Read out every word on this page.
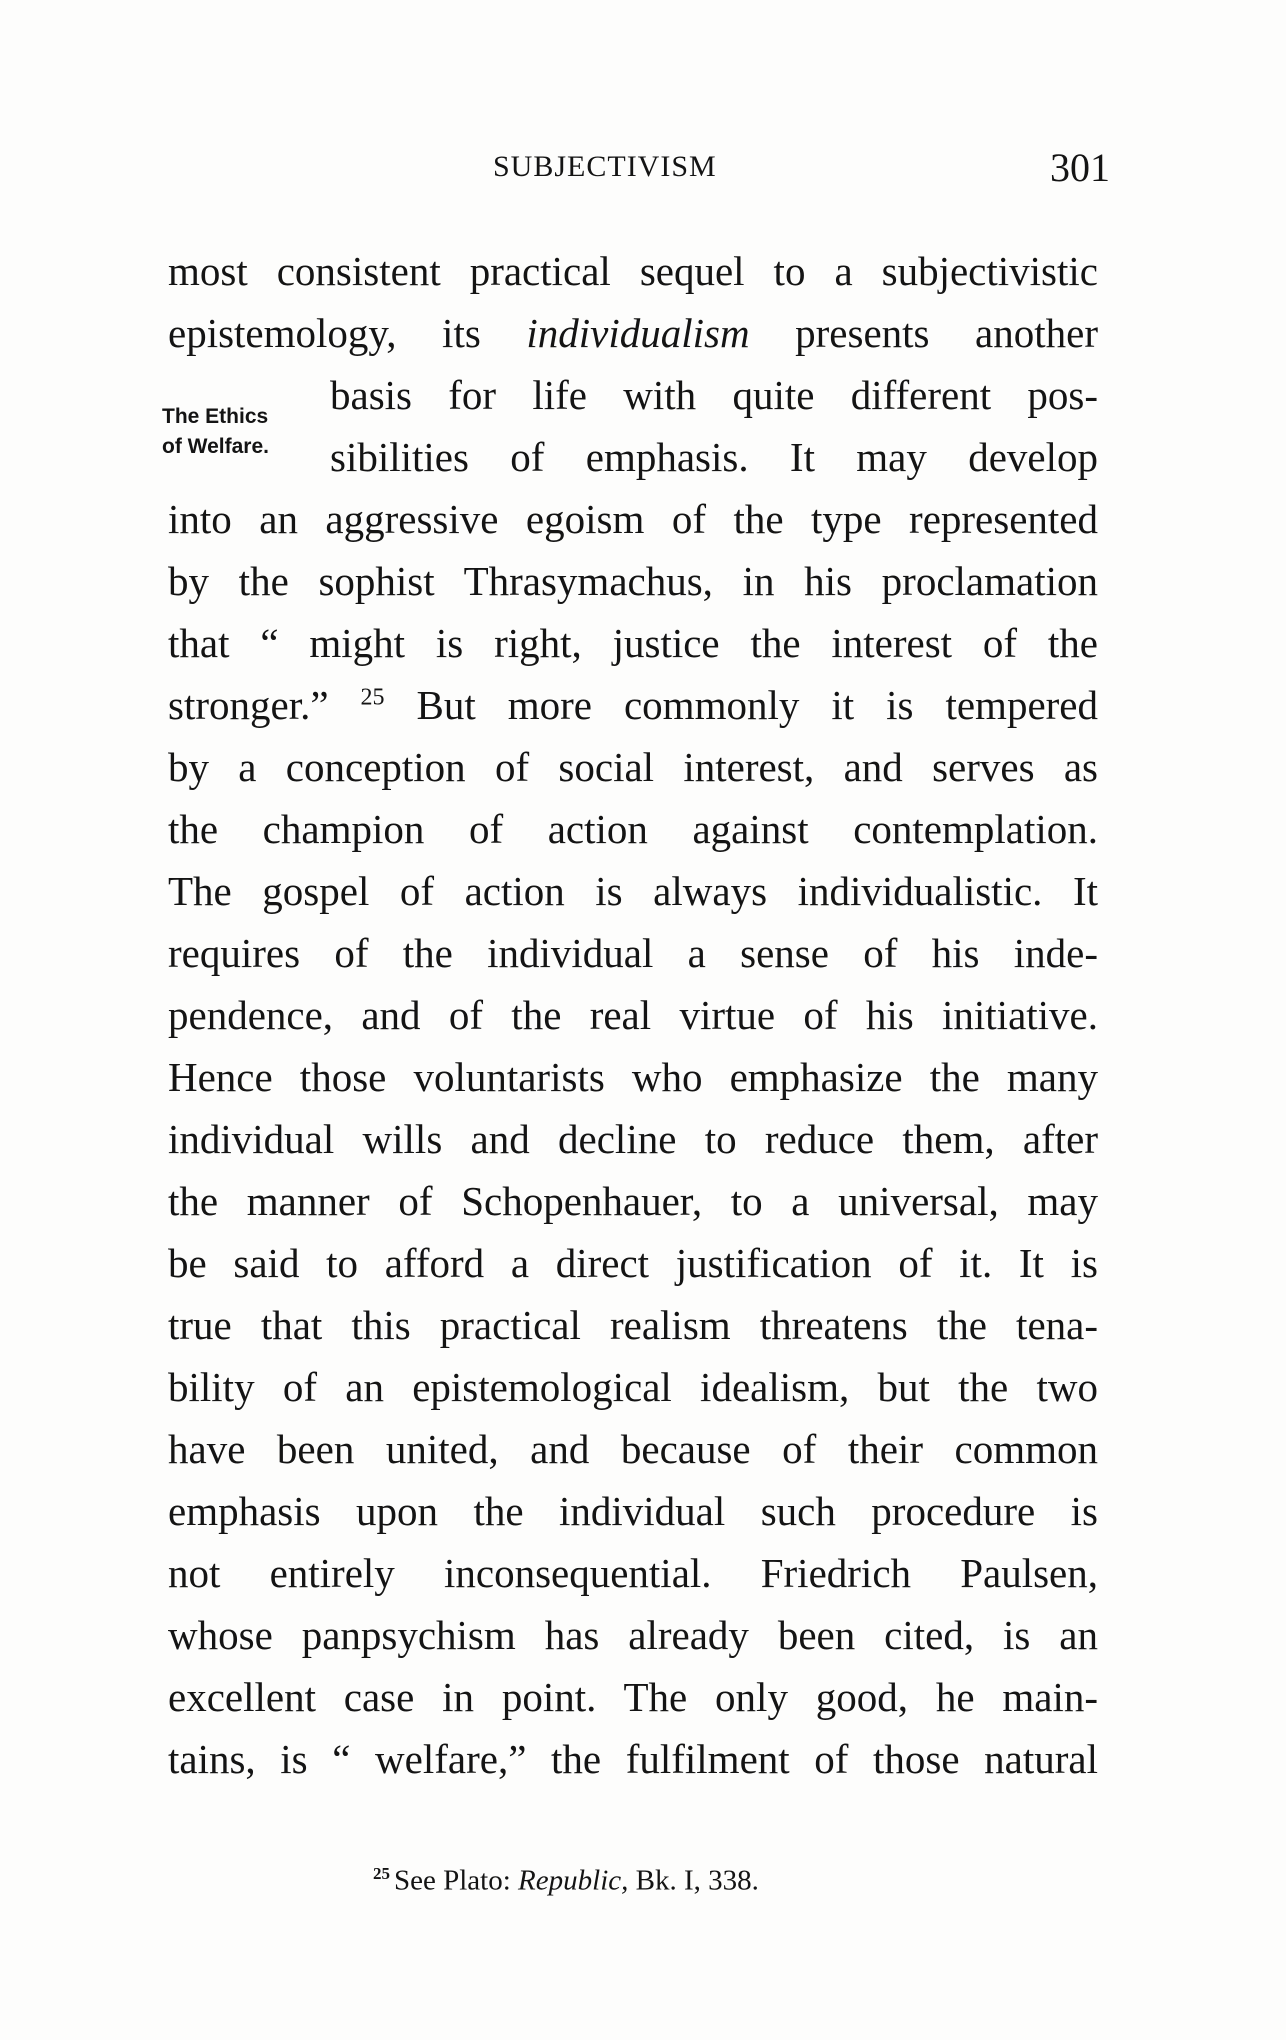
SUBJECTIVISM	301
The Ethics
of Welfare.
most consistent practical sequel to a subjectivistic
epistemology, its individualism presents another
basis for life with quite different pos-
sibilities of emphasis. It may develop
into an aggressive egoism of the type represented
by the sophist Thrasymachus, in his proclamation
that “ might is right, justice the interest of the
stronger.” $^{25}$ But more commonly it is tempered
by a conception of social interest, and serves as
the champion of action against contemplation.
The gospel of action is always individualistic. It
requires of the individual a sense of his inde-
pendence, and of the real virtue of his initiative.
Hence those voluntarists who emphasize the many
individual wills and decline to reduce them, after
the manner of Schopenhauer, to a universal, may
be said to afford a direct justification of it. It is
true that this practical realism threatens the tena-
bility of an epistemological idealism, but the two
have been united, and because of their common
emphasis upon the individual such procedure is
not entirely inconsequential. Friedrich Paulsen,
whose panpsychism has already been cited, is an
excellent case in point. The only good, he main-
tains, is “ welfare,” the fulfilment of those natural
$^{25}$ See Plato: Republic, Bk. I, 338.
